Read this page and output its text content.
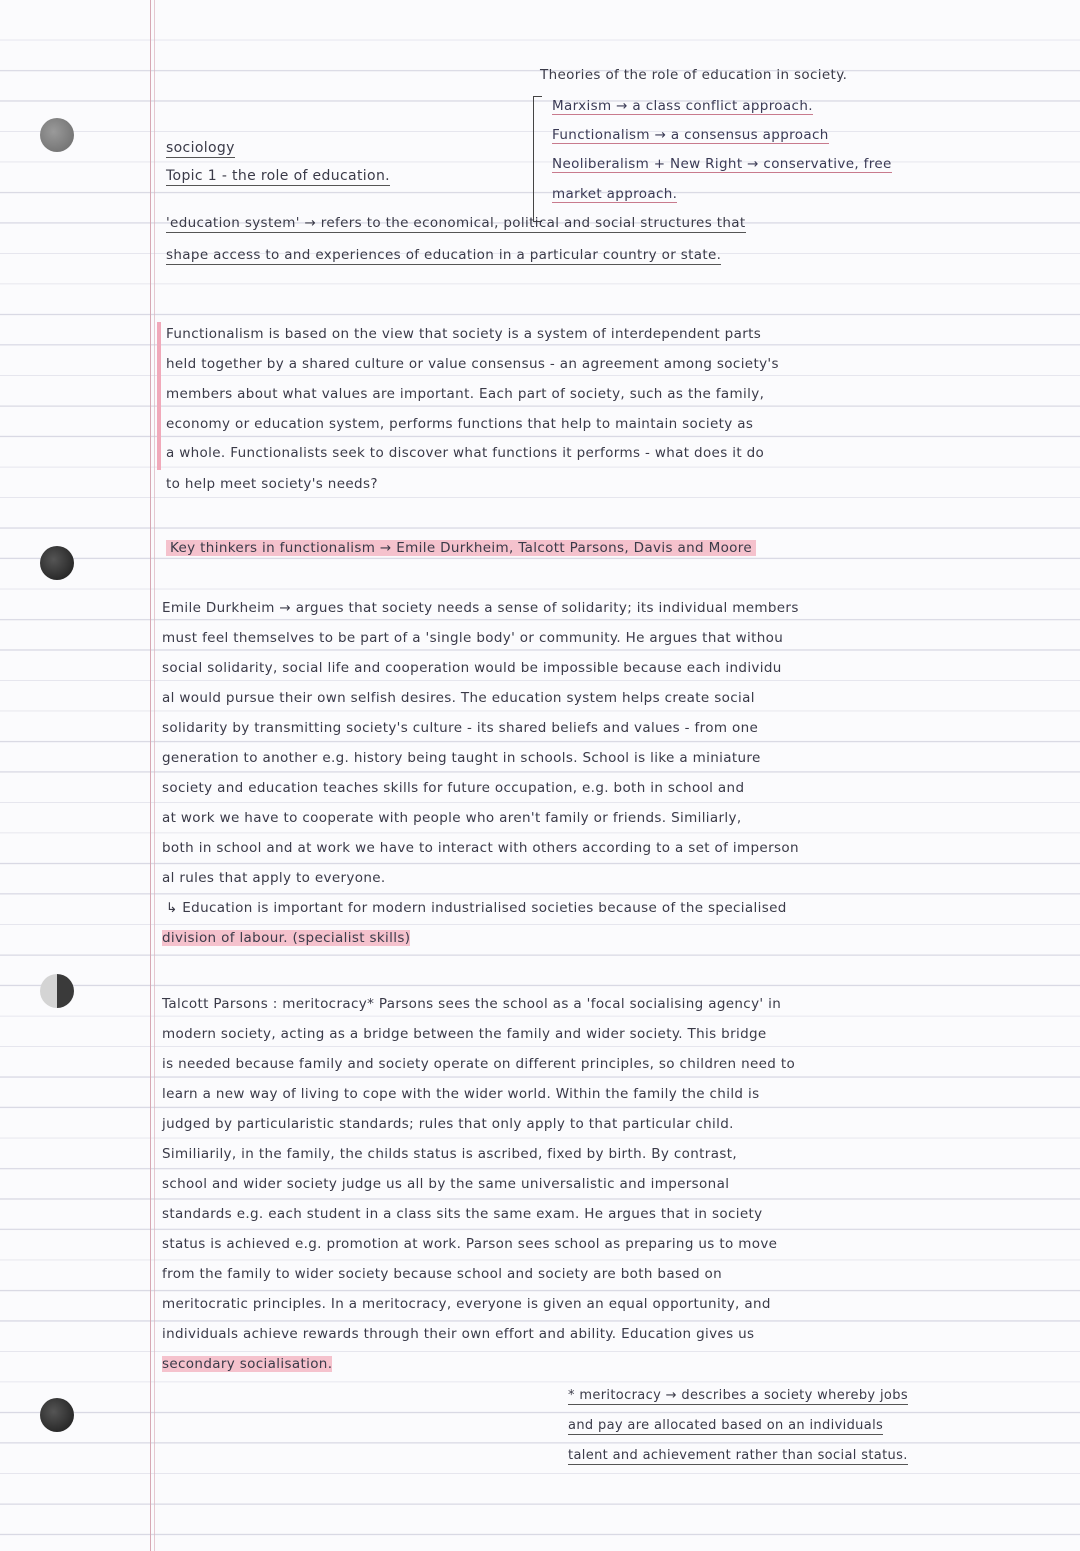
sociology
Topic 1 - the role of education.
Theories of the role of education in society.
Marxism → a class conflict approach.
Functionalism → a consensus approach
Neoliberalism + New Right → conservative, free
market approach.
'education system' → refers to the economical, political and social structures that
shape access to and experiences of education in a particular country or state.
Functionalism is based on the view that society is a system of interdependent parts
held together by a shared culture or value consensus - an agreement among society's
members about what values are important. Each part of society, such as the family,
economy or education system, performs functions that help to maintain society as
a whole. Functionalists seek to discover what functions it performs - what does it do
to help meet society's needs?
Key thinkers in functionalism → Emile Durkheim, Talcott Parsons, Davis and Moore
Emile Durkheim → argues that society needs a sense of solidarity; its individual members
must feel themselves to be part of a 'single body' or community. He argues that withou
social solidarity, social life and cooperation would be impossible because each individu
al would pursue their own selfish desires. The education system helps create social
solidarity by transmitting society's culture - its shared beliefs and values - from one
generation to another e.g. history being taught in schools. School is like a miniature
society and education teaches skills for future occupation, e.g. both in school and
at work we have to cooperate with people who aren't family or friends. Similiarly,
both in school and at work we have to interact with others according to a set of imperson
al rules that apply to everyone.
↳ Education is important for modern industrialised societies because of the specialised
division of labour. (specialist skills)
Talcott Parsons : meritocracy* Parsons sees the school as a 'focal socialising agency' in
modern society, acting as a bridge between the family and wider society. This bridge
is needed because family and society operate on different principles, so children need to
learn a new way of living to cope with the wider world. Within the family the child is
judged by particularistic standards; rules that only apply to that particular child.
Similiarily, in the family, the childs status is ascribed, fixed by birth. By contrast,
school and wider society judge us all by the same universalistic and impersonal
standards e.g. each student in a class sits the same exam. He argues that in society
status is achieved e.g. promotion at work. Parson sees school as preparing us to move
from the family to wider society because school and society are both based on
meritocratic principles. In a meritocracy, everyone is given an equal opportunity, and
individuals achieve rewards through their own effort and ability. Education gives us
secondary socialisation.
* meritocracy → describes a society whereby jobs
and pay are allocated based on an individuals
talent and achievement rather than social status.
